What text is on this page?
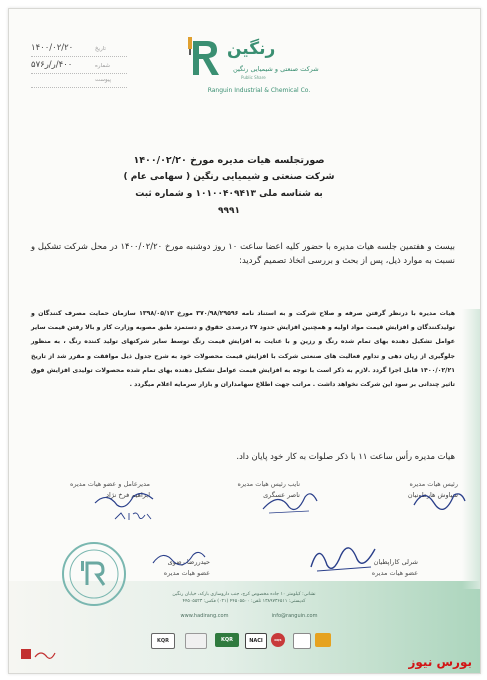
۱۴۰۰/۰۲/۲۰	تاریخ
۴۰۰/ر/ر۵۷۶	شماره
پیوست
رنگین
شرکت صنعتی و شیمیایی رنگین
Public Share
Ranguin Industrial & Chemical Co.
صورتجلسه هیات مدیره مورخ ۱۴۰۰/۰۲/۲۰
شرکت صنعتی و شیمیایی رنگین ( سهامی عام )
به شناسه ملی ۱۰۱۰۰۴۰۹۴۱۳ و شماره ثبت
۹۹۹۱
بیست و هفتمین جلسه هیات مدیره با حضور کلیه اعضا ساعت ۱۰ روز دوشنبه مورخ ۱۴۰۰/۰۲/۲۰ در محل شرکت تشکیل و نسبت به موارد ذیل، پس از بحث و بررسی اتخاذ تصمیم گردید:
هیات مدیره با درنظر گرفتن صرفه و صلاح شرکت و به استناد نامه ۳۷۰/۹۸/۲۹۵۹۶ مورخ ۱۳۹۸/۰۵/۱۳ سازمان حمایت مصرف کنندگان و تولیدکنندگان و افزایش قیمت مواد اولیه و همچنین افزایش حدود ۲۷ درصدی حقوق و دستمزد طبق مصوبه وزارت کار و بالا رفتن قیمت سایر عوامل تشکیل دهنده بهای تمام شده رنگ و رزین و با عنایت به افزایش قیمت رنگ توسط سایر شرکتهای تولید کننده رنگ ، به منظور جلوگیری از زیان دهی و تداوم فعالیت های صنعتی شرکت با افزایش قیمت محصولات خود به شرح جدول ذیل موافقت و مقرر شد از تاریخ ۱۴۰۰/۰۲/۲۱ قابل اجرا گردد .لازم به ذکر است با توجه به افزایش قیمت عوامل تشکیل دهنده بهای تمام شده محصولات تولیدی افزایش فوق تاثیر چندانی بر سود این شرکت نخواهد داشت . مراتب جهت اطلاع سهامداران و بازار سرمایه اعلام میگردد .
هیات مدیره رأس ساعت ۱۱ با ذکر صلوات به کار خود پایان داد.
رئیس هیات مدیره
سیاوش هارطونیان
نایب رئیس هیات مدیره
ناصر عسگری
مدیرعامل و عضو هیات مدیره
ابراهیم فرخ نژاد
شرلی کاراپطیان
عضو هیات مدیره
حیدررضا رضوی
عضو هیات مدیره
نشانی: کیلومتر ۱۰ جاده مخصوص کرج، جنب داروسازی بارکد، خیابان رنگین
کدپستی: ۱۳۸۹۷۳۶۵۱۱ تلفن: ۴۴۵۰۵۵۰۰ (۰۲۱) فکس: ۴۴۵۰۵۵۲۳
www.hadirang.com	info@ranguin.com
KQR	KQR	NACI	DQS
بورس نیوز
